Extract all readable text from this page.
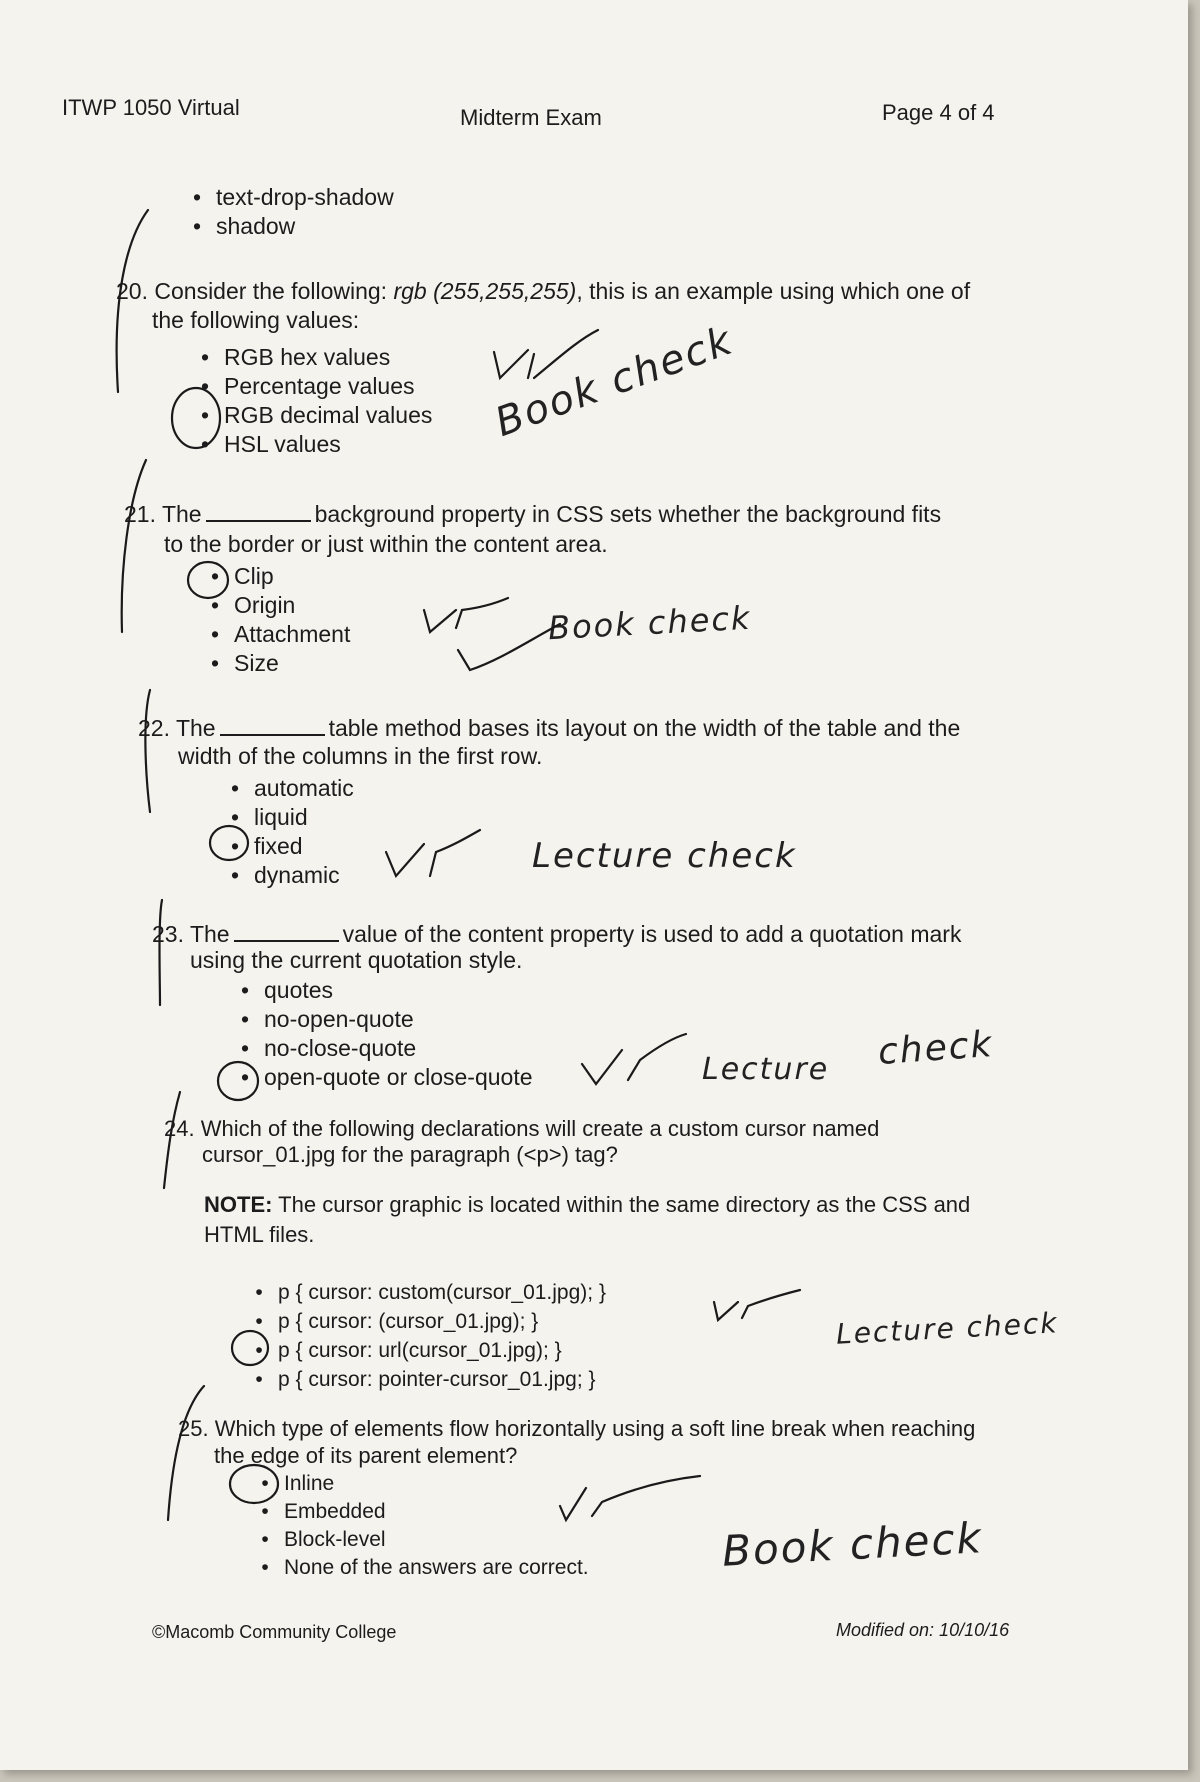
ITWP 1050 Virtual	Midterm Exam	Page 4 of 4
• text-drop-shadow
• shadow
20. Consider the following: rgb (255,255,255), this is an example using which one of
the following values:
• RGB hex values
• Percentage values
• RGB decimal values
• HSL values	Book check
21. The	background property in CSS sets whether the background fits
to the border or just within the content area.
• Clip
• Origin
• Attachment
• Size
Book check
22. The	table method bases its layout on the width of the table and the
width of the columns in the first row.
• automatic
• liquid
• fixed
• dynamic	Lecture check
23. The	value of the content property is used to add a quotation mark
using the current quotation style.
• quotes
• no-open-quote
• no-close-quote
• open-quote or close-quote	Lecture check
24. Which of the following declarations will create a custom cursor named
cursor_01.jpg for the paragraph (<p>) tag?
NOTE: The cursor graphic is located within the same directory as the CSS and
HTML files.
• p { cursor: custom(cursor_01.jpg); }
• p { cursor: (cursor_01.jpg); }
• p { cursor: url(cursor_01.jpg); }
• p { cursor: pointer-cursor_01.jpg; }
Lecture check
25. Which type of elements flow horizontally using a soft line break when reaching
the edge of its parent element?
• Inline
• Embedded
• Block-level
• None of the answers are correct.	Book check
©Macomb Community College	Modified on: 10/10/16
